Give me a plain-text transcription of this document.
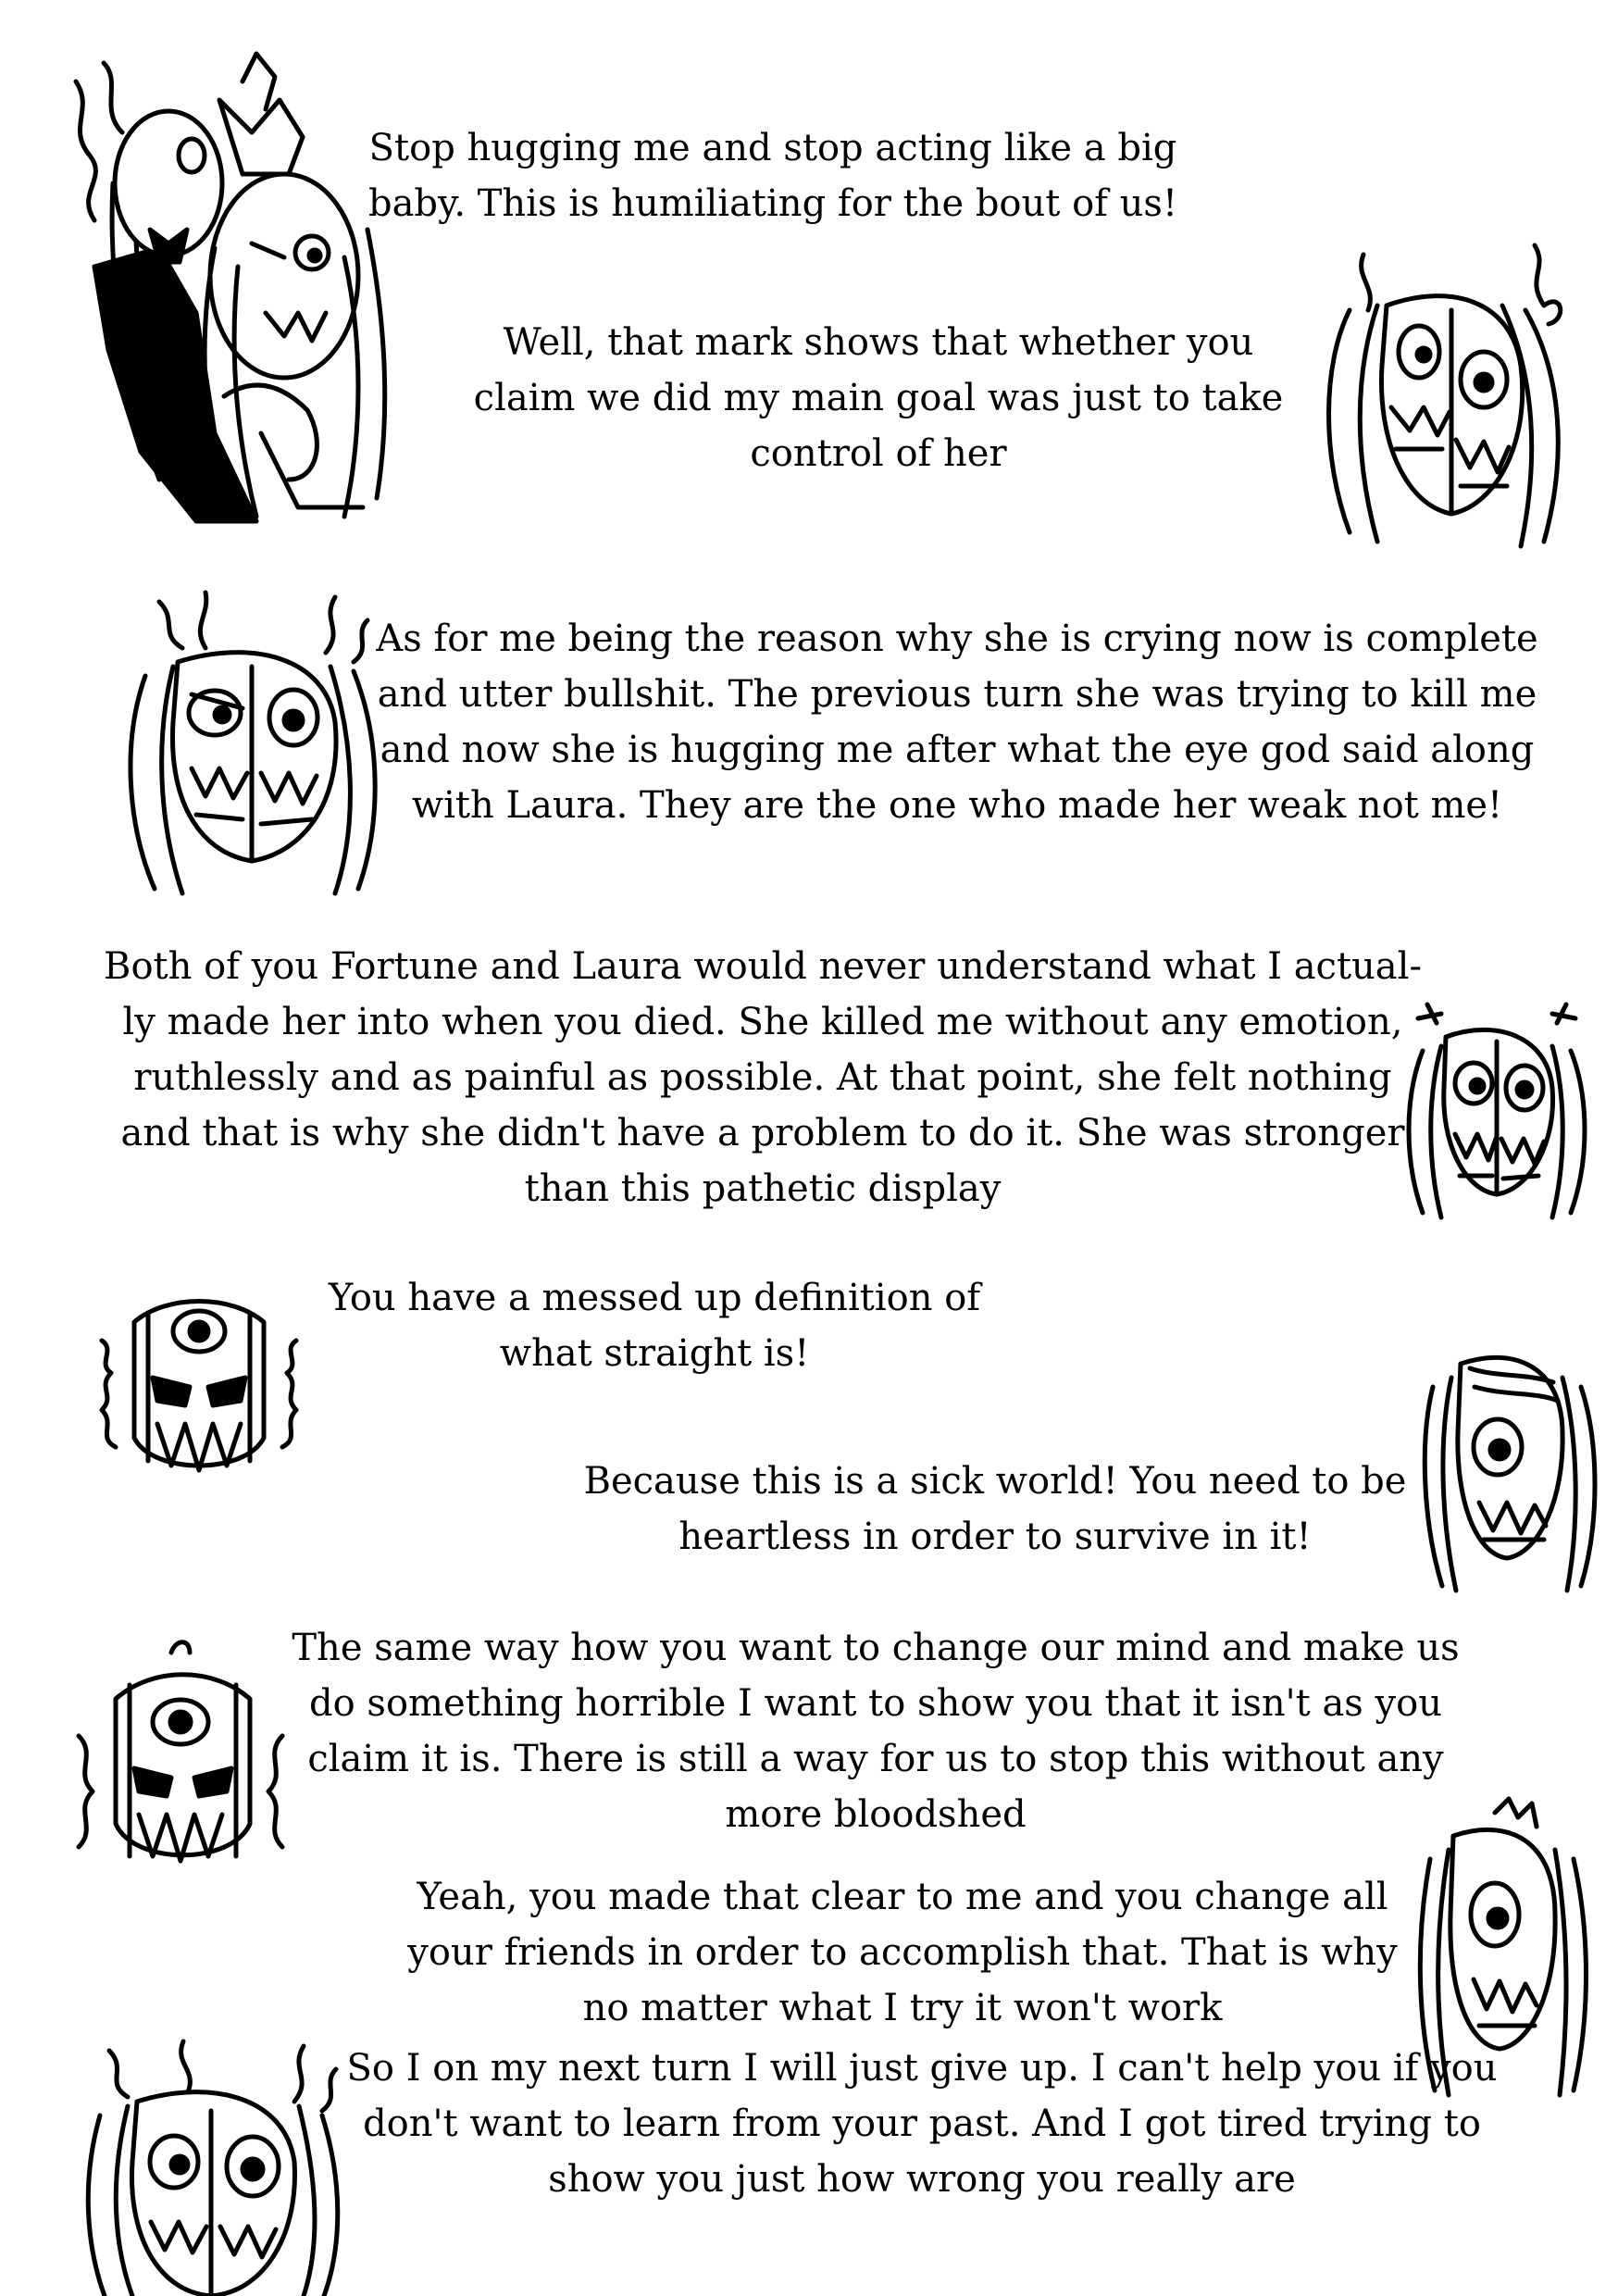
Stop hugging me and stop acting like a big
baby. This is humiliating for the bout of us!
Well, that mark shows that whether you
claim we did my main goal was just to take
control of her
As for me being the reason why she is crying now is complete
and utter bullshit. The previous turn she was trying to kill me
and now she is hugging me after what the eye god said along
with Laura. They are the one who made her weak not me!
Both of you Fortune and Laura would never understand what I actual-
ly made her into when you died. She killed me without any emotion,
ruthlessly and as painful as possible. At that point, she felt nothing
and that is why she didn't have a problem to do it. She was stronger
than this pathetic display
You have a messed up definition of
what straight is!
Because this is a sick world! You need to be
heartless in order to survive in it!
The same way how you want to change our mind and make us
do something horrible I want to show you that it isn't as you
claim it is. There is still a way for us to stop this without any
more bloodshed
Yeah, you made that clear to me and you change all
your friends in order to accomplish that. That is why
no matter what I try it won't work
So I on my next turn I will just give up. I can't help you if you
don't want to learn from your past. And I got tired trying to
show you just how wrong you really are
